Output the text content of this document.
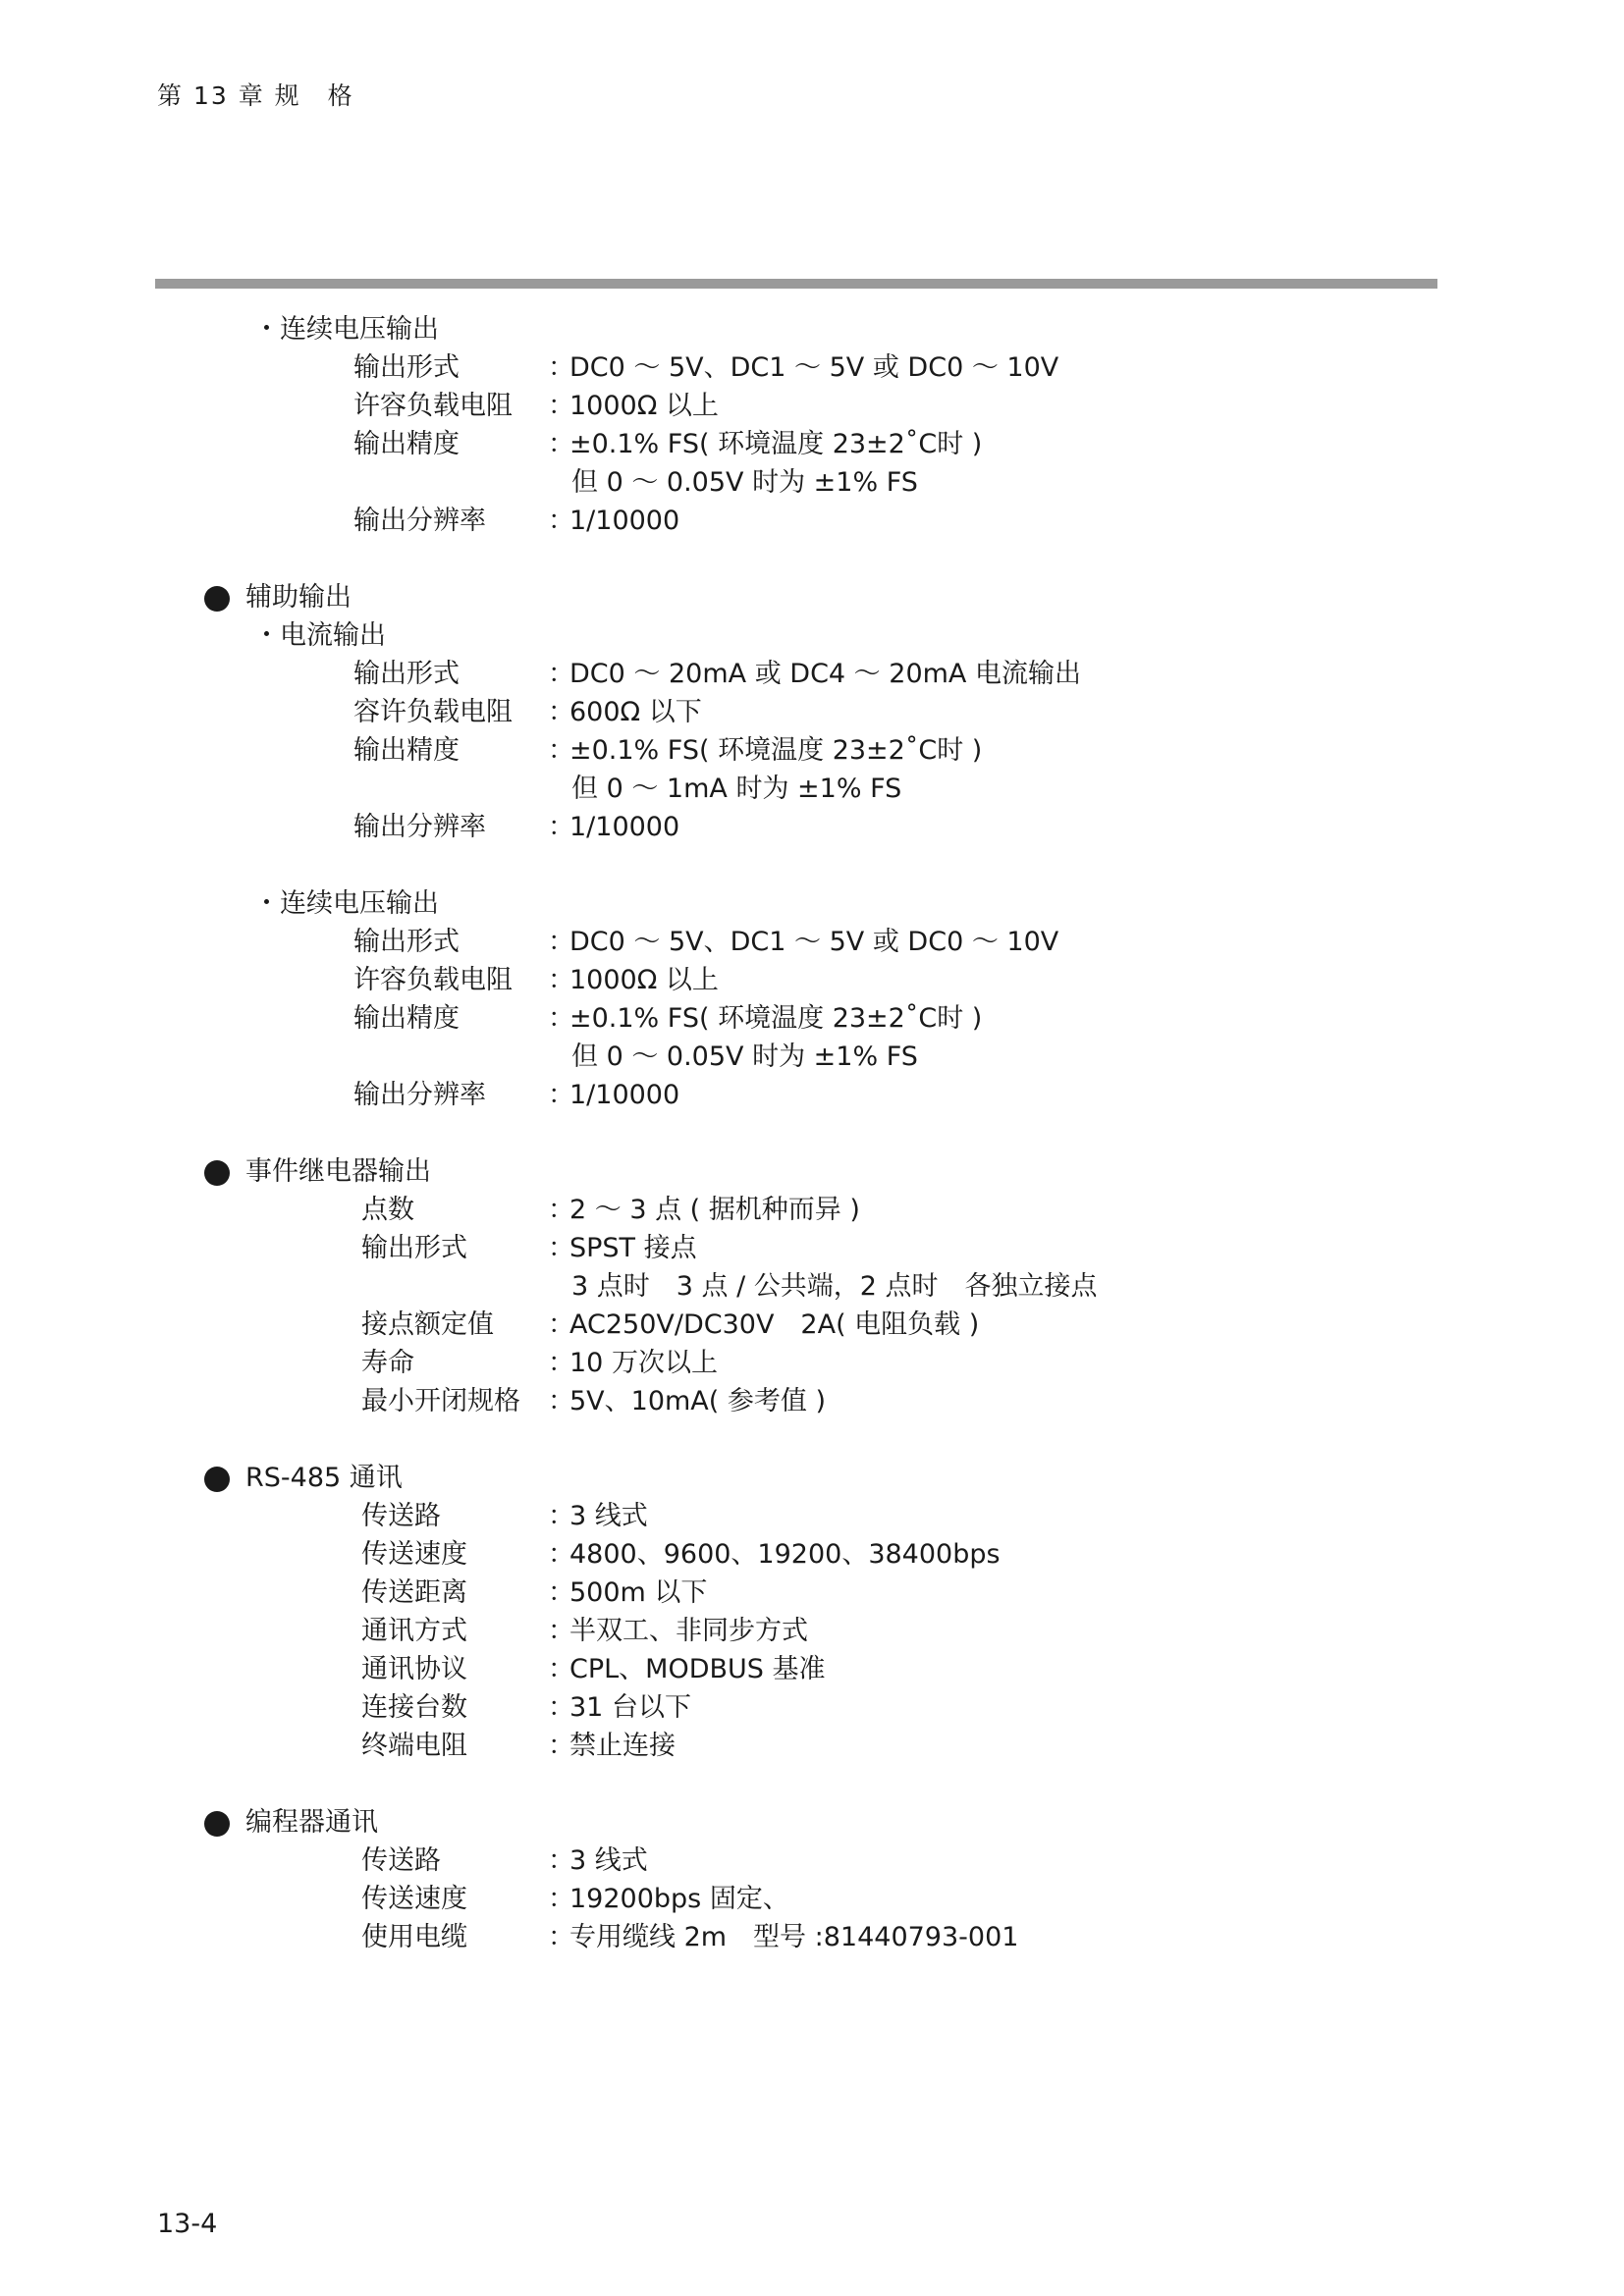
第 13 章 规　格
・连续电压输出
输出形式	：
DC0 ～ 5V、DC1 ～ 5V 或 DC0 ～ 10V
许容负载电阻 ：
1000Ω 以上
输出精度	：
±0.1% FS( 环境温度 23±2˚C时 )
但 0 ～ 0.05V 时为 ±1% FS
输出分辨率 ：
1/10000
辅助输出
・电流输出
输出形式	：
DC0 ～ 20mA 或 DC4 ～ 20mA 电流输出
容许负载电阻 ：
600Ω 以下
输出精度	：
±0.1% FS( 环境温度 23±2˚C时 )
但 0 ～ 1mA 时为 ±1% FS
输出分辨率 ：
1/10000
・连续电压输出
输出形式	：
DC0 ～ 5V、DC1 ～ 5V 或 DC0 ～ 10V
许容负载电阻 ：
1000Ω 以上
输出精度	：
±0.1% FS( 环境温度 23±2˚C时 )
但 0 ～ 0.05V 时为 ±1% FS
输出分辨率 ：
1/10000
事件继电器输出
点数	：
2 ～ 3 点 ( 据机种而异 )
输出形式	：
SPST 接点
3 点时　3 点 / 公共端，2 点时　各独立接点
接点额定值 ：
AC250V/DC30V　2A( 电阻负载 )
寿命	：
10 万次以上
最小开闭规格 ：
5V、10mA( 参考值 )
RS-485 通讯
传送路	：
3 线式
传送速度	：
4800、9600、19200、38400bps
传送距离	：
500m 以下
通讯方式	：
半双工、非同步方式
通讯协议	：
CPL、MODBUS 基准
连接台数	：
31 台以下
终端电阻	：
禁止连接
编程器通讯
传送路	：
3 线式
传送速度	：
19200bps 固定、
使用电缆	：
专用缆线 2m　型号 :81440793-001
13-4
